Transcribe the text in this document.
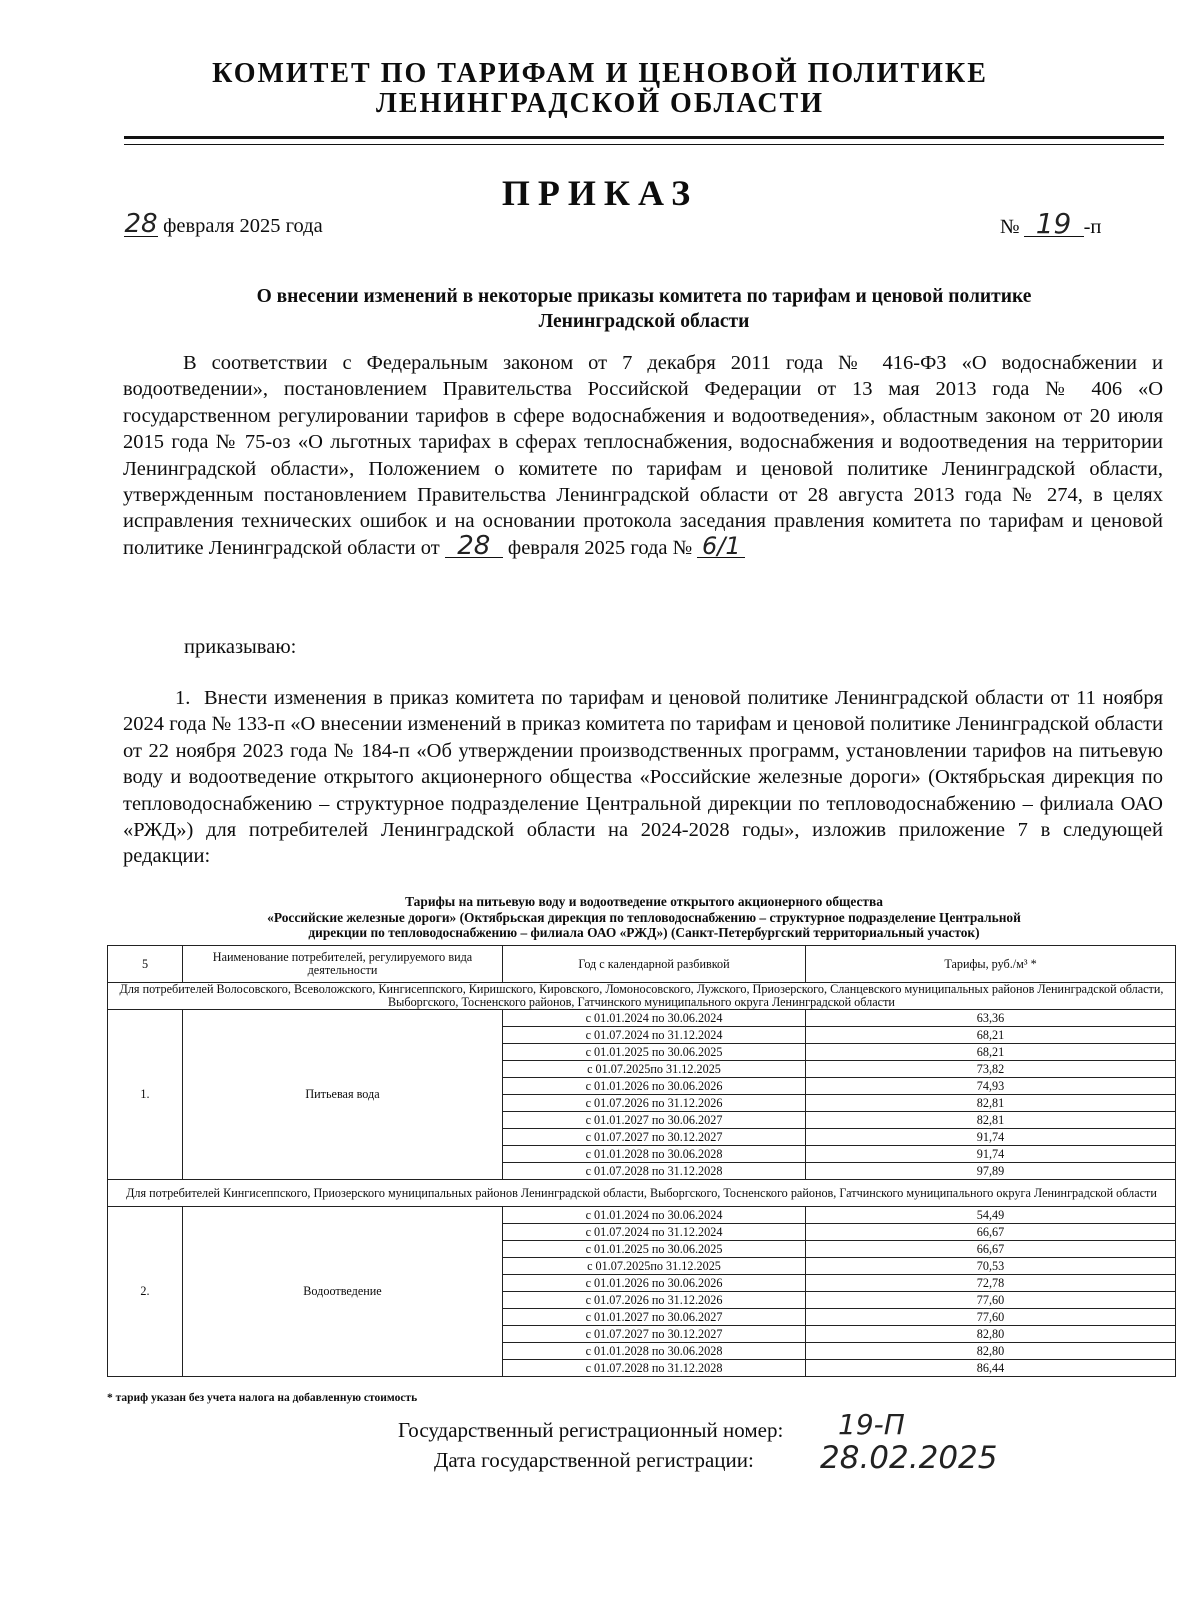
КОМИТЕТ ПО ТАРИФАМ И ЦЕНОВОЙ ПОЛИТИКЕ
ЛЕНИНГРАДСКОЙ ОБЛАСТИ
ПРИКАЗ
28 февраля 2025 года	№ 19 -п
О внесении изменений в некоторые приказы комитета по тарифам и ценовой политике
Ленинградской области
В соответствии с Федеральным законом от 7 декабря 2011 года № 416-ФЗ «О водоснабжении и водоотведении», постановлением Правительства Российской Федерации от 13 мая 2013 года № 406 «О государственном регулировании тарифов в сфере водоснабжения и водоотведения», областным законом от 20 июля 2015 года № 75-оз «О льготных тарифах в сферах теплоснабжения, водоснабжения и водоотведения на территории Ленинградской области», Положением о комитете по тарифам и ценовой политике Ленинградской области, утвержденным постановлением Правительства Ленинградской области от 28 августа 2013 года № 274, в целях исправления технических ошибок и на основании протокола заседания правления комитета по тарифам и ценовой политике Ленинградской области от 28 февраля 2025 года № 6/1
приказываю:
1. Внести изменения в приказ комитета по тарифам и ценовой политике Ленинградской области от 11 ноября 2024 года № 133-п «О внесении изменений в приказ комитета по тарифам и ценовой политике Ленинградской области от 22 ноября 2023 года № 184-п «Об утверждении производственных программ, установлении тарифов на питьевую воду и водоотведение открытого акционерного общества «Российские железные дороги» (Октябрьская дирекция по тепловодоснабжению – структурное подразделение Центральной дирекции по тепловодоснабжению – филиала ОАО «РЖД») для потребителей Ленинградской области на 2024-2028 годы», изложив приложение 7 в следующей редакции:
Тарифы на питьевую воду и водоотведение открытого акционерного общества
«Российские железные дороги» (Октябрьская дирекция по тепловодоснабжению – структурное подразделение Центральной
дирекции по тепловодоснабжению – филиала ОАО «РЖД») (Санкт-Петербургский территориальный участок)
5	Наименование потребителей, регулируемого вида деятельности	Год с календарной разбивкой	Тарифы, руб./м³ *
Для потребителей Волосовского, Всеволожского, Кингисеппского, Киришского, Кировского, Ломоносовского, Лужского, Приозерского, Сланцевского муниципальных районов Ленинградской области, Выборгского, Тосненского районов, Гатчинского муниципального округа Ленинградской области			
1.	Питьевая вода	с 01.01.2024 по 30.06.2024	63,36
		с 01.07.2024 по 31.12.2024	68,21
		с 01.01.2025 по 30.06.2025	68,21
		с 01.07.2025по 31.12.2025	73,82
		с 01.01.2026 по 30.06.2026	74,93
		с 01.07.2026 по 31.12.2026	82,81
		с 01.01.2027 по 30.06.2027	82,81
		с 01.07.2027 по 30.12.2027	91,74
		с 01.01.2028 по 30.06.2028	91,74
		с 01.07.2028 по 31.12.2028	97,89
Для потребителей Кингисеппского, Приозерского муниципальных районов Ленинградской области, Выборгского, Тосненского районов, Гатчинского муниципального округа Ленинградской области			
2.	Водоотведение	с 01.01.2024 по 30.06.2024	54,49
		с 01.07.2024 по 31.12.2024	66,67
		с 01.01.2025 по 30.06.2025	66,67
		с 01.07.2025по 31.12.2025	70,53
		с 01.01.2026 по 30.06.2026	72,78
		с 01.07.2026 по 31.12.2026	77,60
		с 01.01.2027 по 30.06.2027	77,60
		с 01.07.2027 по 30.12.2027	82,80
		с 01.01.2028 по 30.06.2028	82,80
		с 01.07.2028 по 31.12.2028	86,44
* тариф указан без учета налога на добавленную стоимость
Государственный регистрационный номер: 19-П
Дата государственной регистрации: 28.02.2025
